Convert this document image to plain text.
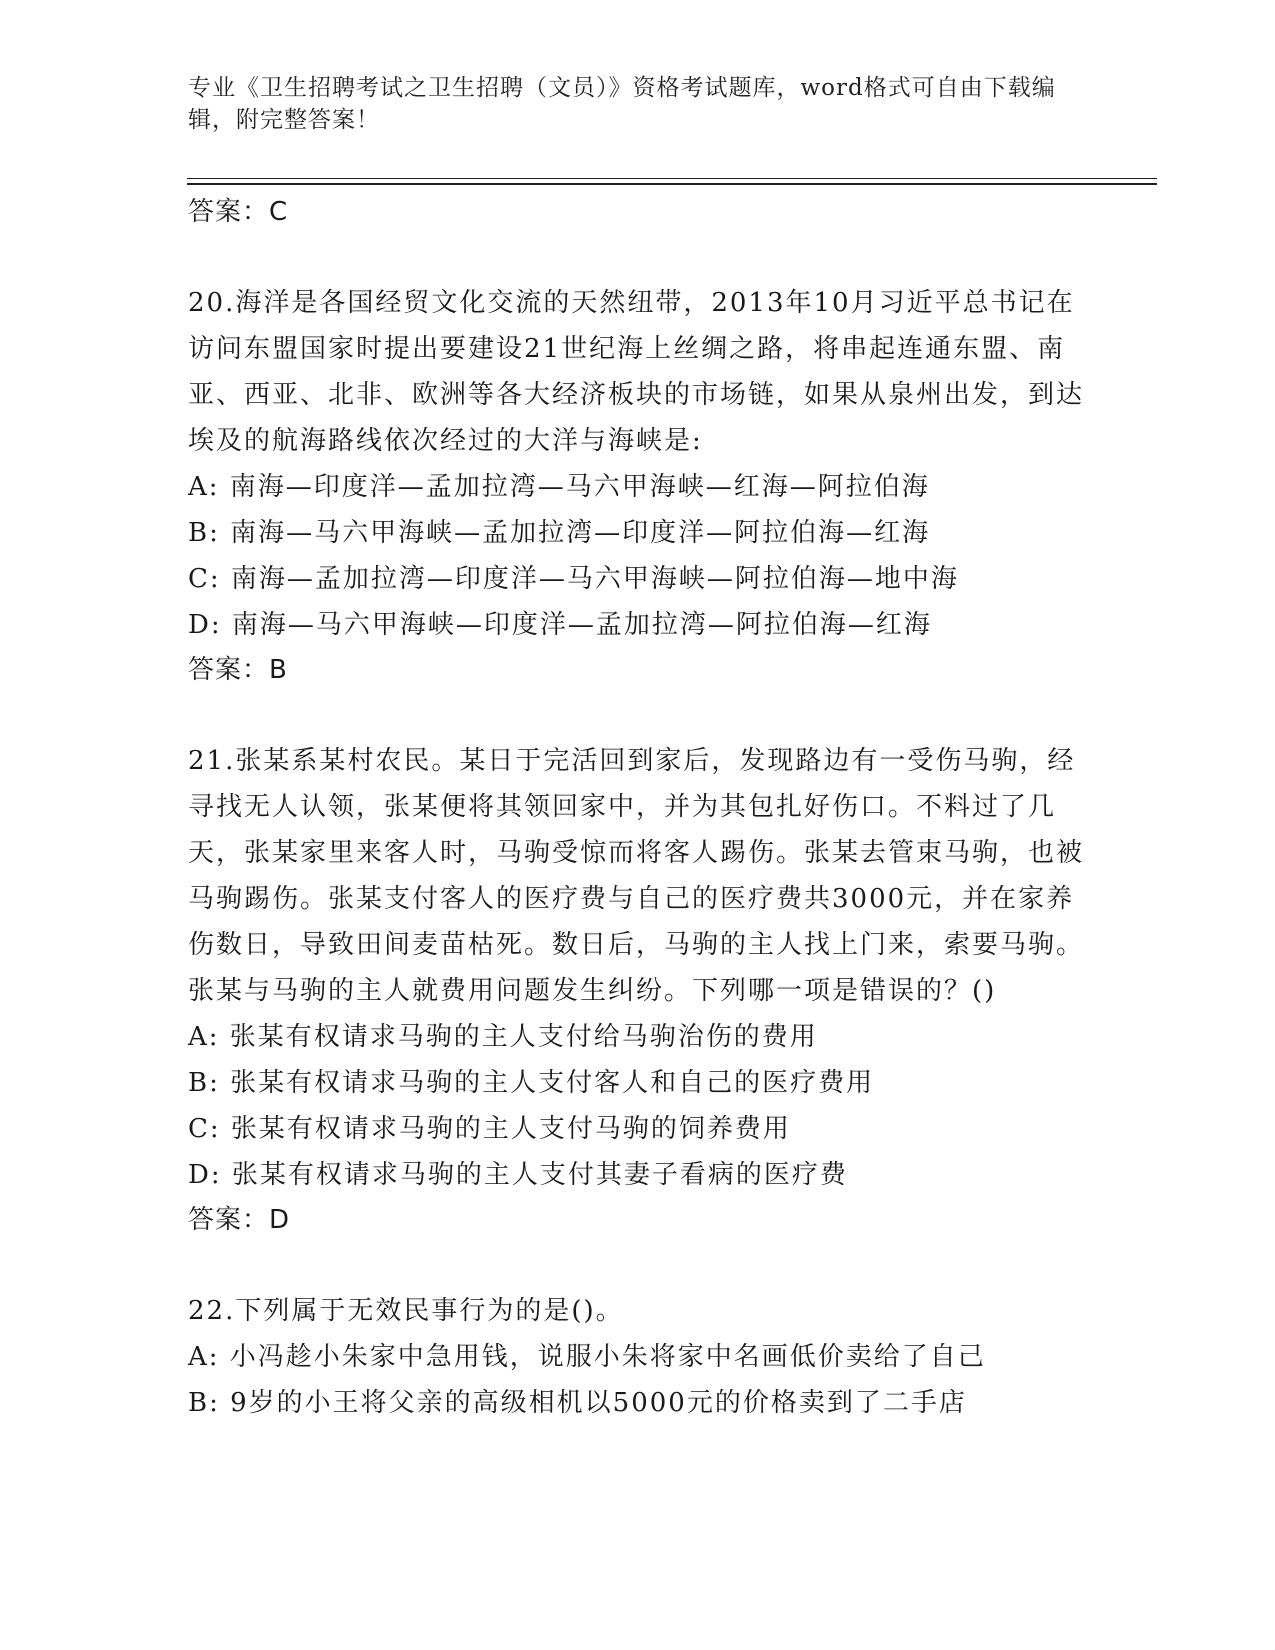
专业《卫生招聘考试之卫生招聘（文员）》资格考试题库，word格式可自由下载编辑，附完整答案！

答案：C

20.海洋是各国经贸文化交流的天然纽带，2013年10月习近平总书记在访问东盟国家时提出要建设21世纪海上丝绸之路，将串起连通东盟、南亚、西亚、北非、欧洲等各大经济板块的市场链，如果从泉州出发，到达埃及的航海路线依次经过的大洋与海峡是:

A: 南海—印度洋—孟加拉湾—马六甲海峡—红海—阿拉伯海

B: 南海—马六甲海峡—孟加拉湾—印度洋—阿拉伯海—红海

C: 南海—孟加拉湾—印度洋—马六甲海峡—阿拉伯海—地中海

D: 南海—马六甲海峡—印度洋—孟加拉湾—阿拉伯海—红海

答案：B

21.张某系某村农民。某日于完活回到家后，发现路边有一受伤马驹，经寻找无人认领，张某便将其领回家中，并为其包扎好伤口。不料过了几天，张某家里来客人时，马驹受惊而将客人踢伤。张某去管束马驹，也被马驹踢伤。张某支付客人的医疗费与自己的医疗费共3000元，并在家养伤数日，导致田间麦苗枯死。数日后，马驹的主人找上门来，索要马驹。张某与马驹的主人就费用问题发生纠纷。下列哪一项是错误的？()

A: 张某有权请求马驹的主人支付给马驹治伤的费用

B: 张某有权请求马驹的主人支付客人和自己的医疗费用

C: 张某有权请求马驹的主人支付马驹的饲养费用

D: 张某有权请求马驹的主人支付其妻子看病的医疗费

答案：D

22.下列属于无效民事行为的是()。

A: 小冯趁小朱家中急用钱，说服小朱将家中名画低价卖给了自己

B: 9岁的小王将父亲的高级相机以5000元的价格卖到了二手店
